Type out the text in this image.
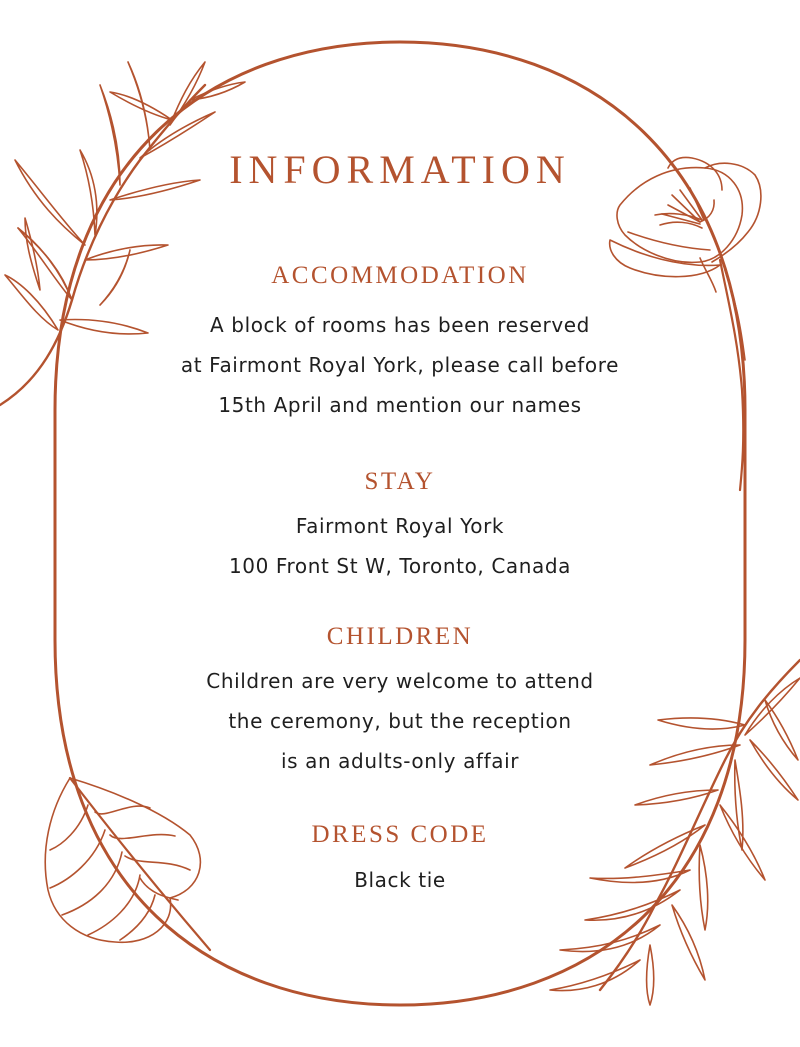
INFORMATION
ACCOMMODATION

A block of rooms has been reserved

at Fairmont Royal York, please call before

15th April and mention our names

STAY

Fairmont Royal York

100 Front St W, Toronto, Canada

CHILDREN

Children are very welcome to attend

the ceremony, but the reception

is an adults-only affair

DRESS CODE

Black tie
